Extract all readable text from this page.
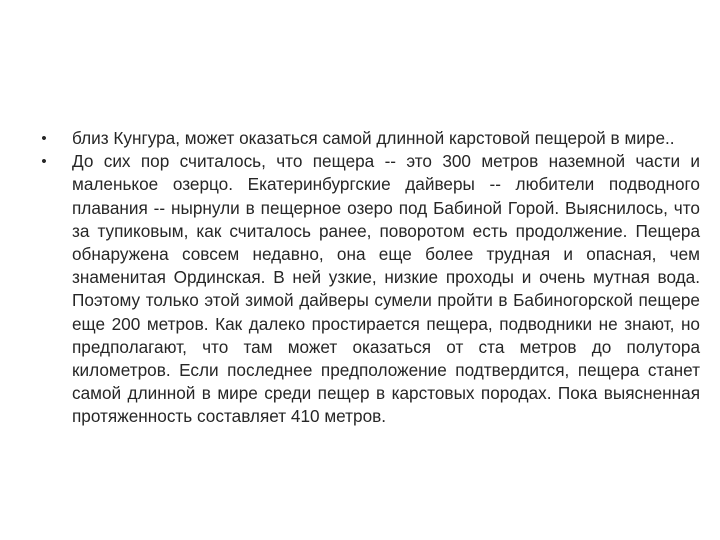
•	близ Кунгура, может оказаться самой длинной карстовой пещерой в мире..
•	До сих пор считалось, что пещера -- это 300 метров наземной части и маленькое озерцо. Екатеринбургские дайверы -- любители подводного плавания -- нырнули в пещерное озеро под Бабиной Горой. Выяснилось, что за тупиковым, как считалось ранее, поворотом есть продолжение. Пещера обнаружена совсем недавно, она еще более трудная и опасная, чем знаменитая Ординская. В ней узкие, низкие проходы и очень мутная вода. Поэтому только этой зимой дайверы сумели пройти в Бабиногорской пещере еще 200 метров. Как далеко простирается пещера, подводники не знают, но предполагают, что там может оказаться от ста метров до полутора километров. Если последнее предположение подтвердится, пещера станет самой длинной в мире среди пещер в карстовых породах. Пока выясненная протяженность составляет 410 метров.
